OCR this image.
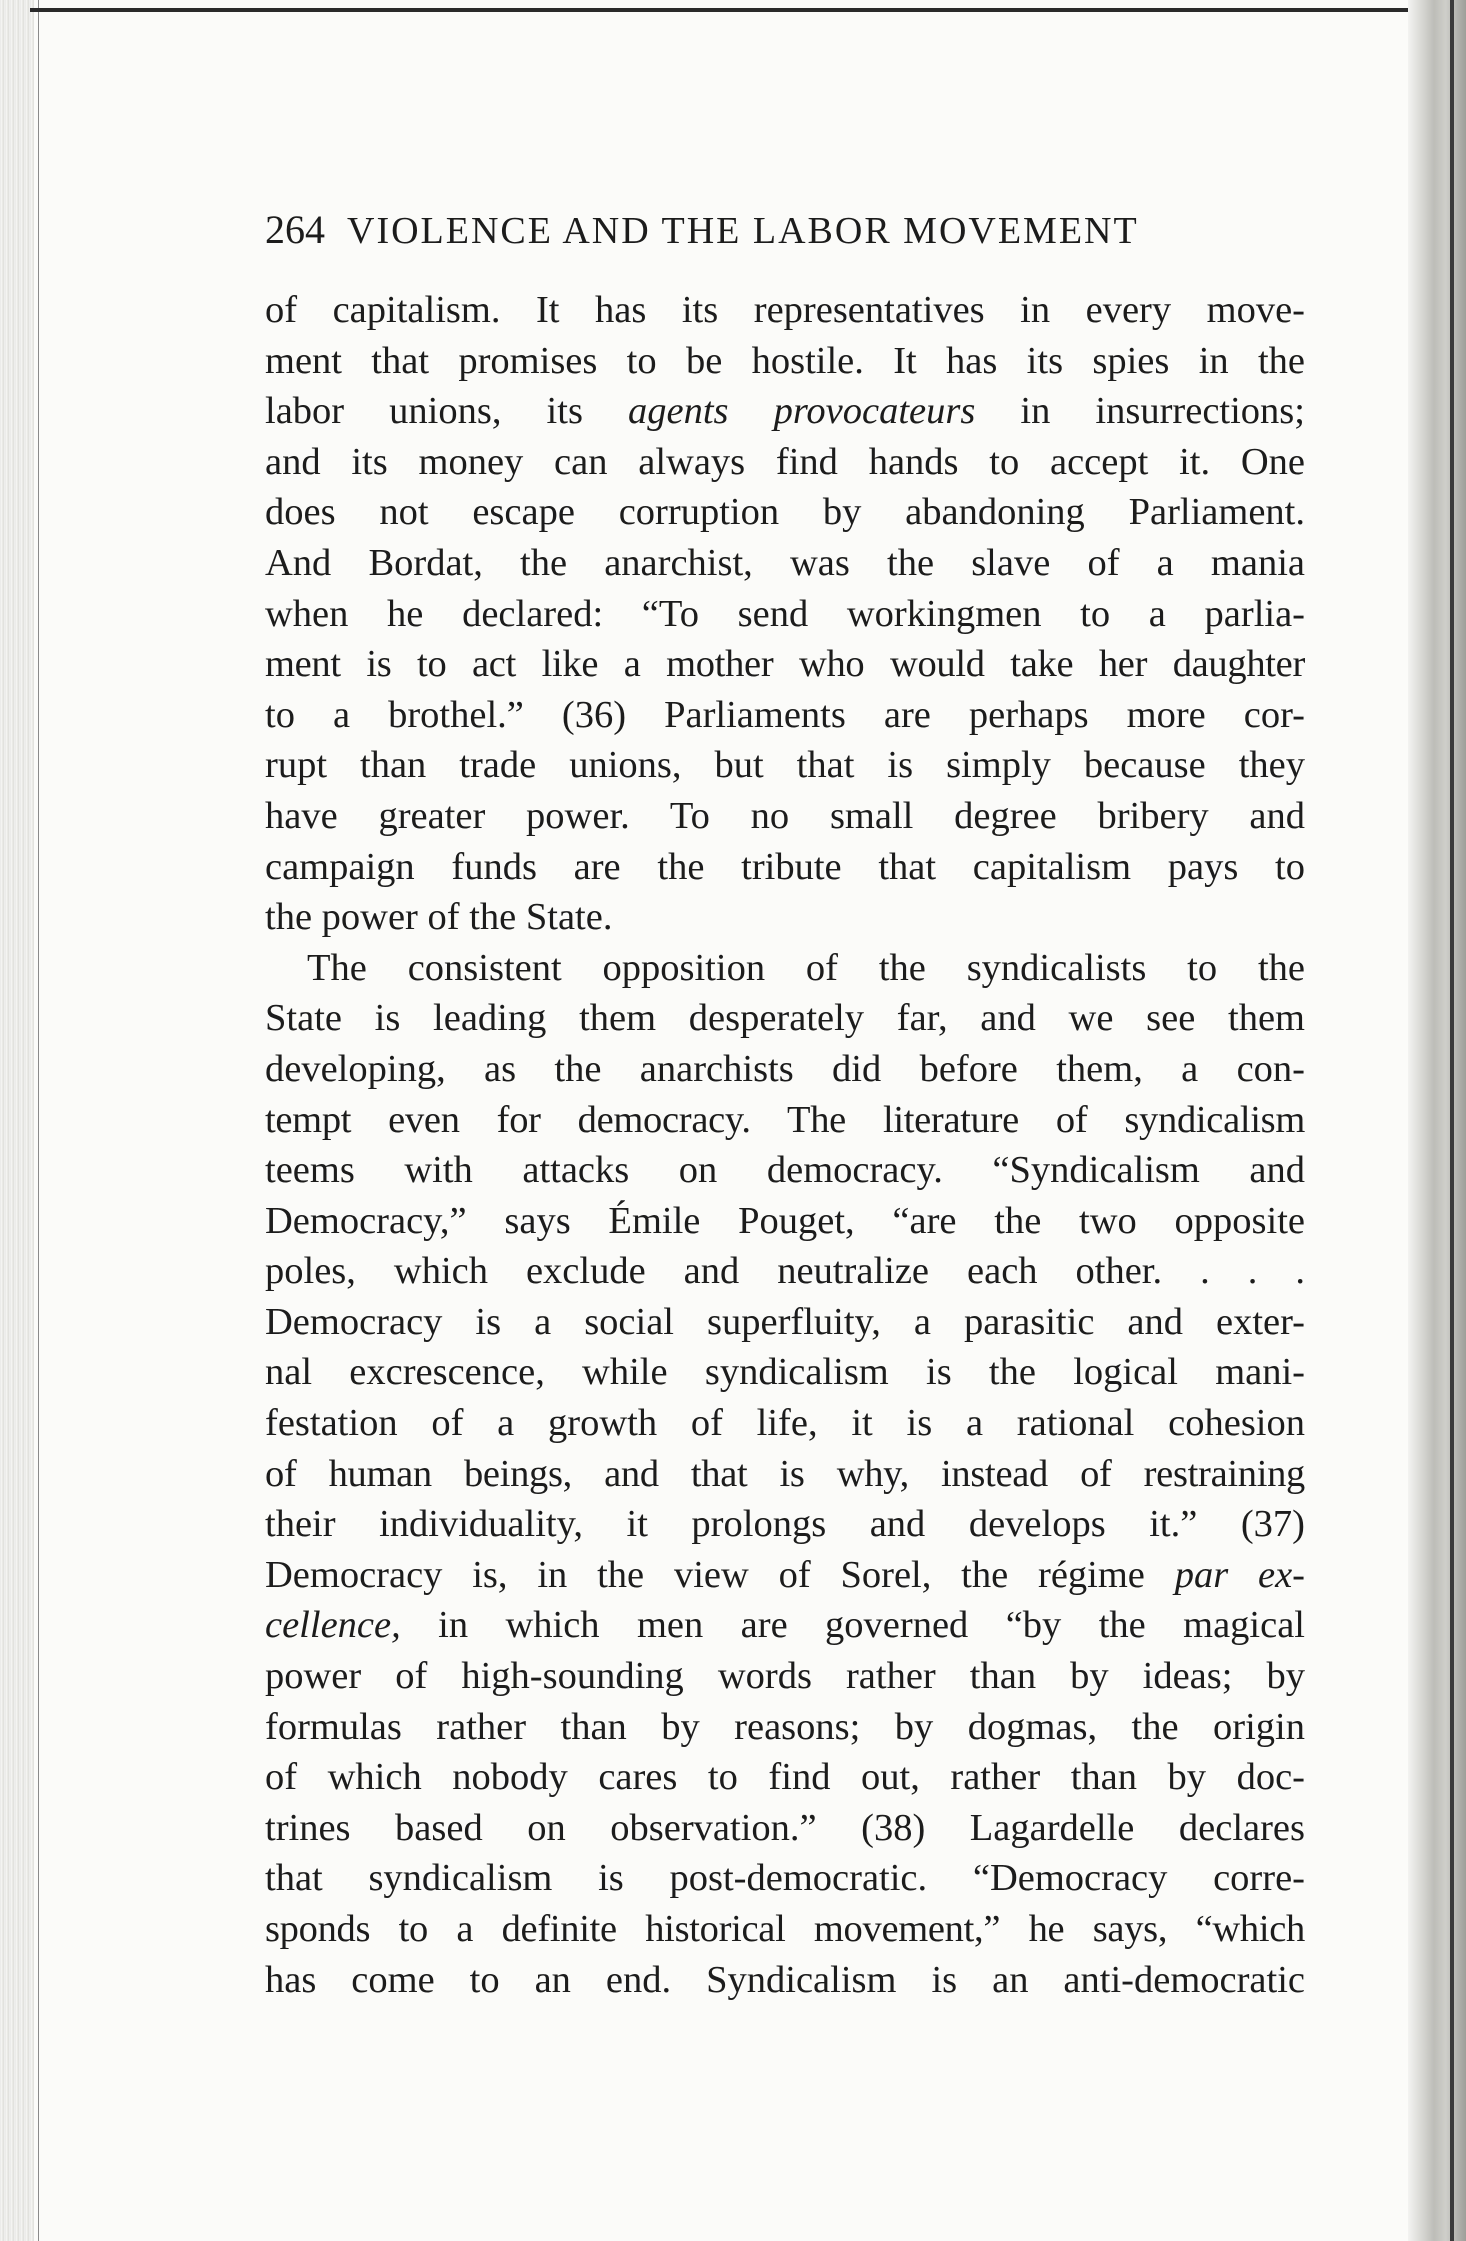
264 VIOLENCE AND THE LABOR MOVEMENT
of capitalism. It has its representatives in every move-
ment that promises to be hostile. It has its spies in the
labor unions, its agents provocateurs in insurrections;
and its money can always find hands to accept it. One
does not escape corruption by abandoning Parliament.
And Bordat, the anarchist, was the slave of a mania
when he declared: “To send workingmen to a parlia-
ment is to act like a mother who would take her daughter
to a brothel.” (36) Parliaments are perhaps more cor-
rupt than trade unions, but that is simply because they
have greater power. To no small degree bribery and
campaign funds are the tribute that capitalism pays to
the power of the State.
The consistent opposition of the syndicalists to the
State is leading them desperately far, and we see them
developing, as the anarchists did before them, a con-
tempt even for democracy. The literature of syndicalism
teems with attacks on democracy. “Syndicalism and
Democracy,” says Émile Pouget, “are the two opposite
poles, which exclude and neutralize each other. . . .
Democracy is a social superfluity, a parasitic and exter-
nal excrescence, while syndicalism is the logical mani-
festation of a growth of life, it is a rational cohesion
of human beings, and that is why, instead of restraining
their individuality, it prolongs and develops it.” (37)
Democracy is, in the view of Sorel, the régime par ex-
cellence, in which men are governed “by the magical
power of high-sounding words rather than by ideas; by
formulas rather than by reasons; by dogmas, the origin
of which nobody cares to find out, rather than by doc-
trines based on observation.” (38) Lagardelle declares
that syndicalism is post-democratic. “Democracy corre-
sponds to a definite historical movement,” he says, “which
has come to an end. Syndicalism is an anti-democratic
